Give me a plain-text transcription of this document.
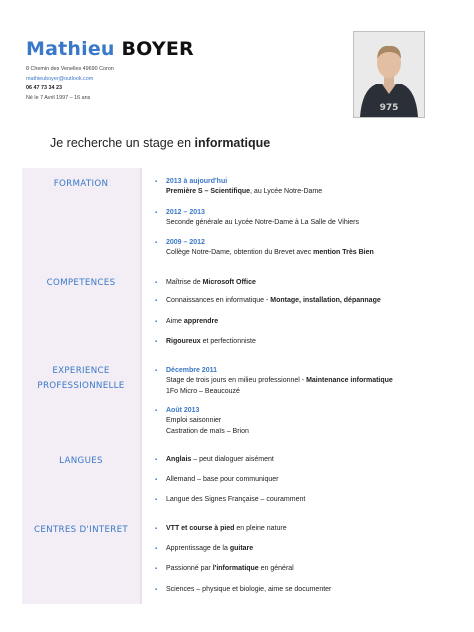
Mathieu BOYER
8 Chemin des Venelles 49690 Coron
mathieuboyer@outlook.com
06 47 73 34 23
Né le 7 Avril 1997 – 16 ans
975
Je recherche un stage en informatique
FORMATION	▪ 2013 à aujourd'hui
Première S – Scientifique, au Lycée Notre-Dame
▪ 2012 – 2013
Seconde générale au Lycée Notre-Dame à La Salle de Vihiers
▪ 2009 – 2012
Collège Notre-Dame, obtention du Brevet avec mention Très Bien
COMPETENCES	▪ Maîtrise de Microsoft Office
▪ Connaissances en informatique - Montage, installation, dépannage
▪ Aime apprendre
▪ Rigoureux et perfectionniste
EXPERIENCE
PROFESSIONNELLE
▪ Décembre 2011
Stage de trois jours en milieu professionnel - Maintenance informatique
1Fo Micro – Beaucouzé
▪ Août 2013
Emploi saisonnier
Castration de maïs – Brion
LANGUES	▪ Anglais – peut dialoguer aisément
▪ Allemand – base pour communiquer
▪ Langue des Signes Française – couramment
CENTRES D'INTERET	▪ VTT et course à pied en pleine nature
▪ Apprentissage de la guitare
▪ Passionné par l'informatique en général
▪ Sciences – physique et biologie, aime se documenter
